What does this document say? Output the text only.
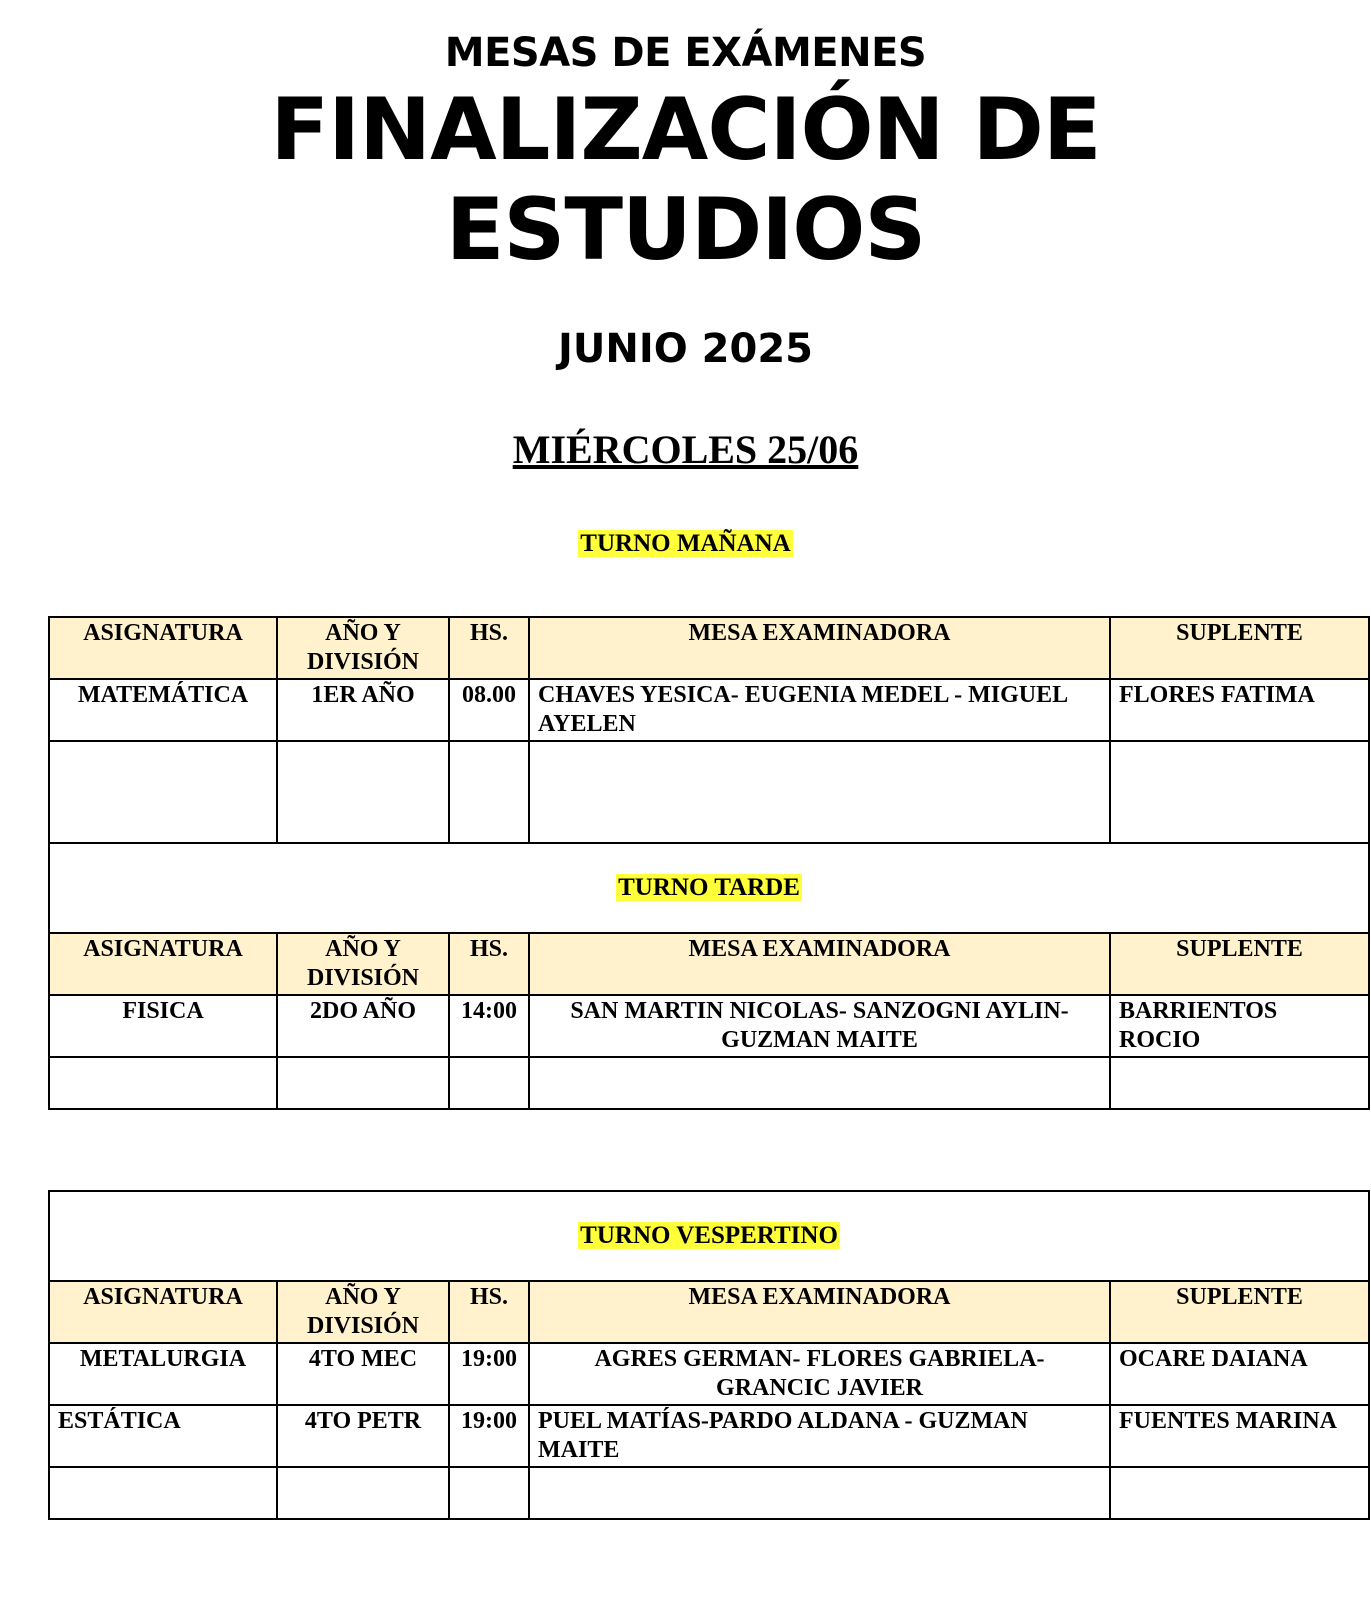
MESAS DE EXÁMENES
FINALIZACIÓN DE
ESTUDIOS
JUNIO 2025
MIÉRCOLES 25/06
TURNO MAÑANA
ASIGNATURA	AÑO Y DIVISIÓN	HS.	MESA EXAMINADORA	SUPLENTE
MATEMÁTICA	1ER AÑO	08.00	CHAVES YESICA- EUGENIA MEDEL - MIGUEL AYELEN	FLORES FATIMA

TURNO TARDE				
ASIGNATURA	AÑO Y DIVISIÓN	HS.	MESA EXAMINADORA	SUPLENTE
FISICA	2DO AÑO	14:00	SAN MARTIN NICOLAS- SANZOGNI AYLIN-GUZMAN MAITE	BARRIENTOS ROCIO

TURNO VESPERTINO				
ASIGNATURA	AÑO Y DIVISIÓN	HS.	MESA EXAMINADORA	SUPLENTE
METALURGIA	4TO MEC	19:00	AGRES GERMAN- FLORES GABRIELA-GRANCIC JAVIER	OCARE DAIANA
ESTÁTICA	4TO PETR	19:00	PUEL MATÍAS-PARDO ALDANA - GUZMAN MAITE	FUENTES MARINA
